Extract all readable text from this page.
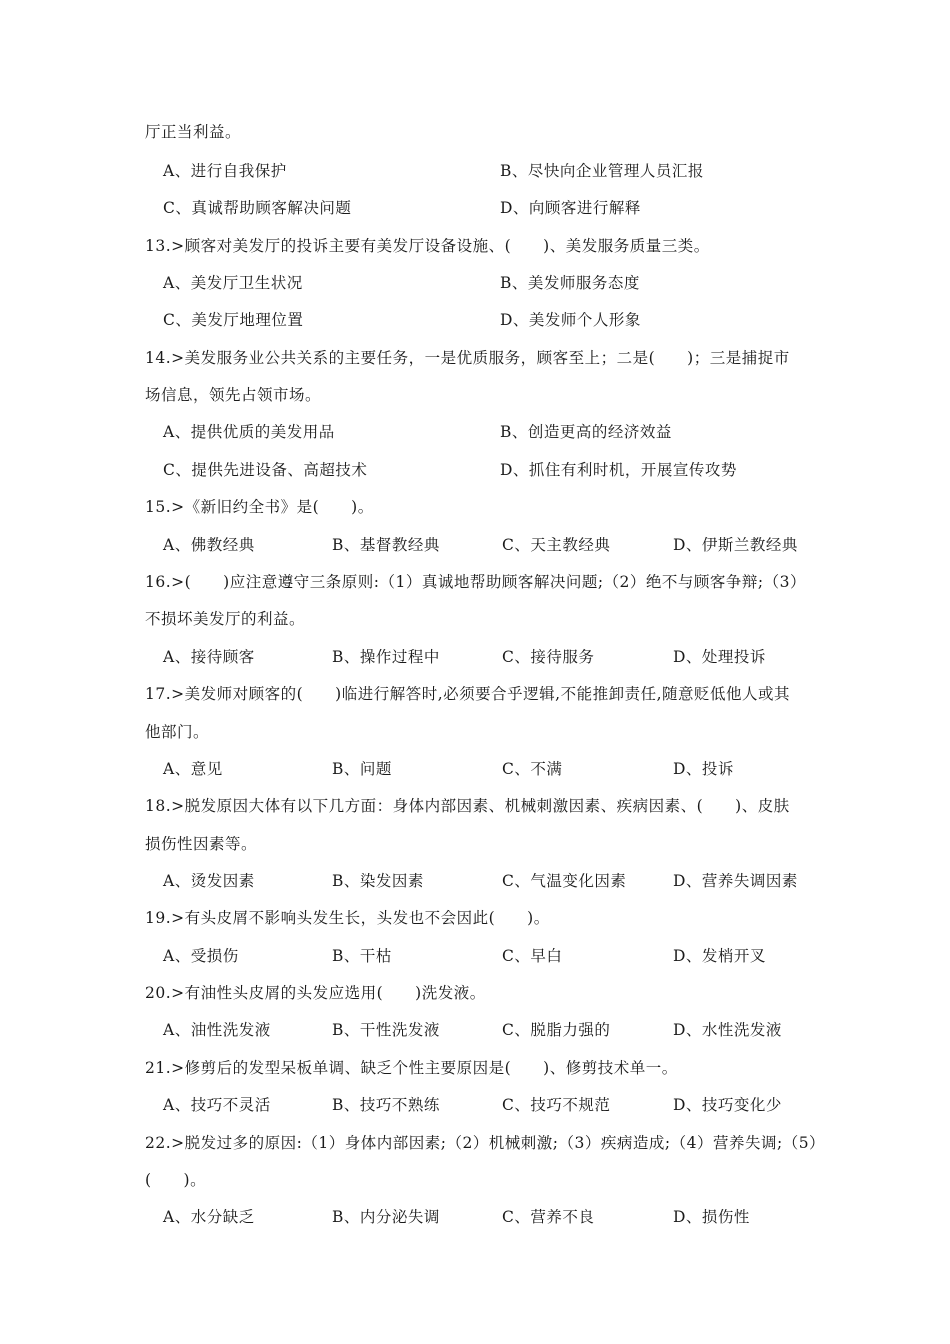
厅正当利益。
A、进行自我保护	B、尽快向企业管理人员汇报
C、真诚帮助顾客解决问题	D、向顾客进行解释
13.>顾客对美发厅的投诉主要有美发厅设备设施、(　　)、美发服务质量三类。
A、美发厅卫生状况	B、美发师服务态度
C、美发厅地理位置	D、美发师个人形象
14.>美发服务业公共关系的主要任务，一是优质服务，顾客至上；二是(　　)；三是捕捉市
场信息，领先占领市场。
A、提供优质的美发用品	B、创造更高的经济效益
C、提供先进设备、高超技术	D、抓住有利时机，开展宣传攻势
15.>《新旧约全书》是(　　)。
A、佛教经典	B、基督教经典	C、天主教经典	D、伊斯兰教经典
16.>(　　)应注意遵守三条原则:（1）真诚地帮助顾客解决问题;（2）绝不与顾客争辩;（3）
不损坏美发厅的利益。
A、接待顾客	B、操作过程中	C、接待服务	D、处理投诉
17.>美发师对顾客的(　　)临进行解答时,必须要合乎逻辑,不能推卸责任,随意贬低他人或其
他部门。
A、意见	B、问题	C、不满	D、投诉
18.>脱发原因大体有以下几方面：身体内部因素、机械刺激因素、疾病因素、(　　)、皮肤
损伤性因素等。
A、烫发因素	B、染发因素	C、气温变化因素	D、营养失调因素
19.>有头皮屑不影响头发生长，头发也不会因此(　　)。
A、受损伤	B、干枯	C、早白	D、发梢开叉
20.>有油性头皮屑的头发应选用(　　)洗发液。
A、油性洗发液	B、干性洗发液	C、脱脂力强的	D、水性洗发液
21.>修剪后的发型呆板单调、缺乏个性主要原因是(　　)、修剪技术单一。
A、技巧不灵活	B、技巧不熟练	C、技巧不规范	D、技巧变化少
22.>脱发过多的原因:（1）身体内部因素;（2）机械刺激;（3）疾病造成;（4）营养失调;（5）
(　　)。
A、水分缺乏	B、内分泌失调	C、营养不良	D、损伤性
